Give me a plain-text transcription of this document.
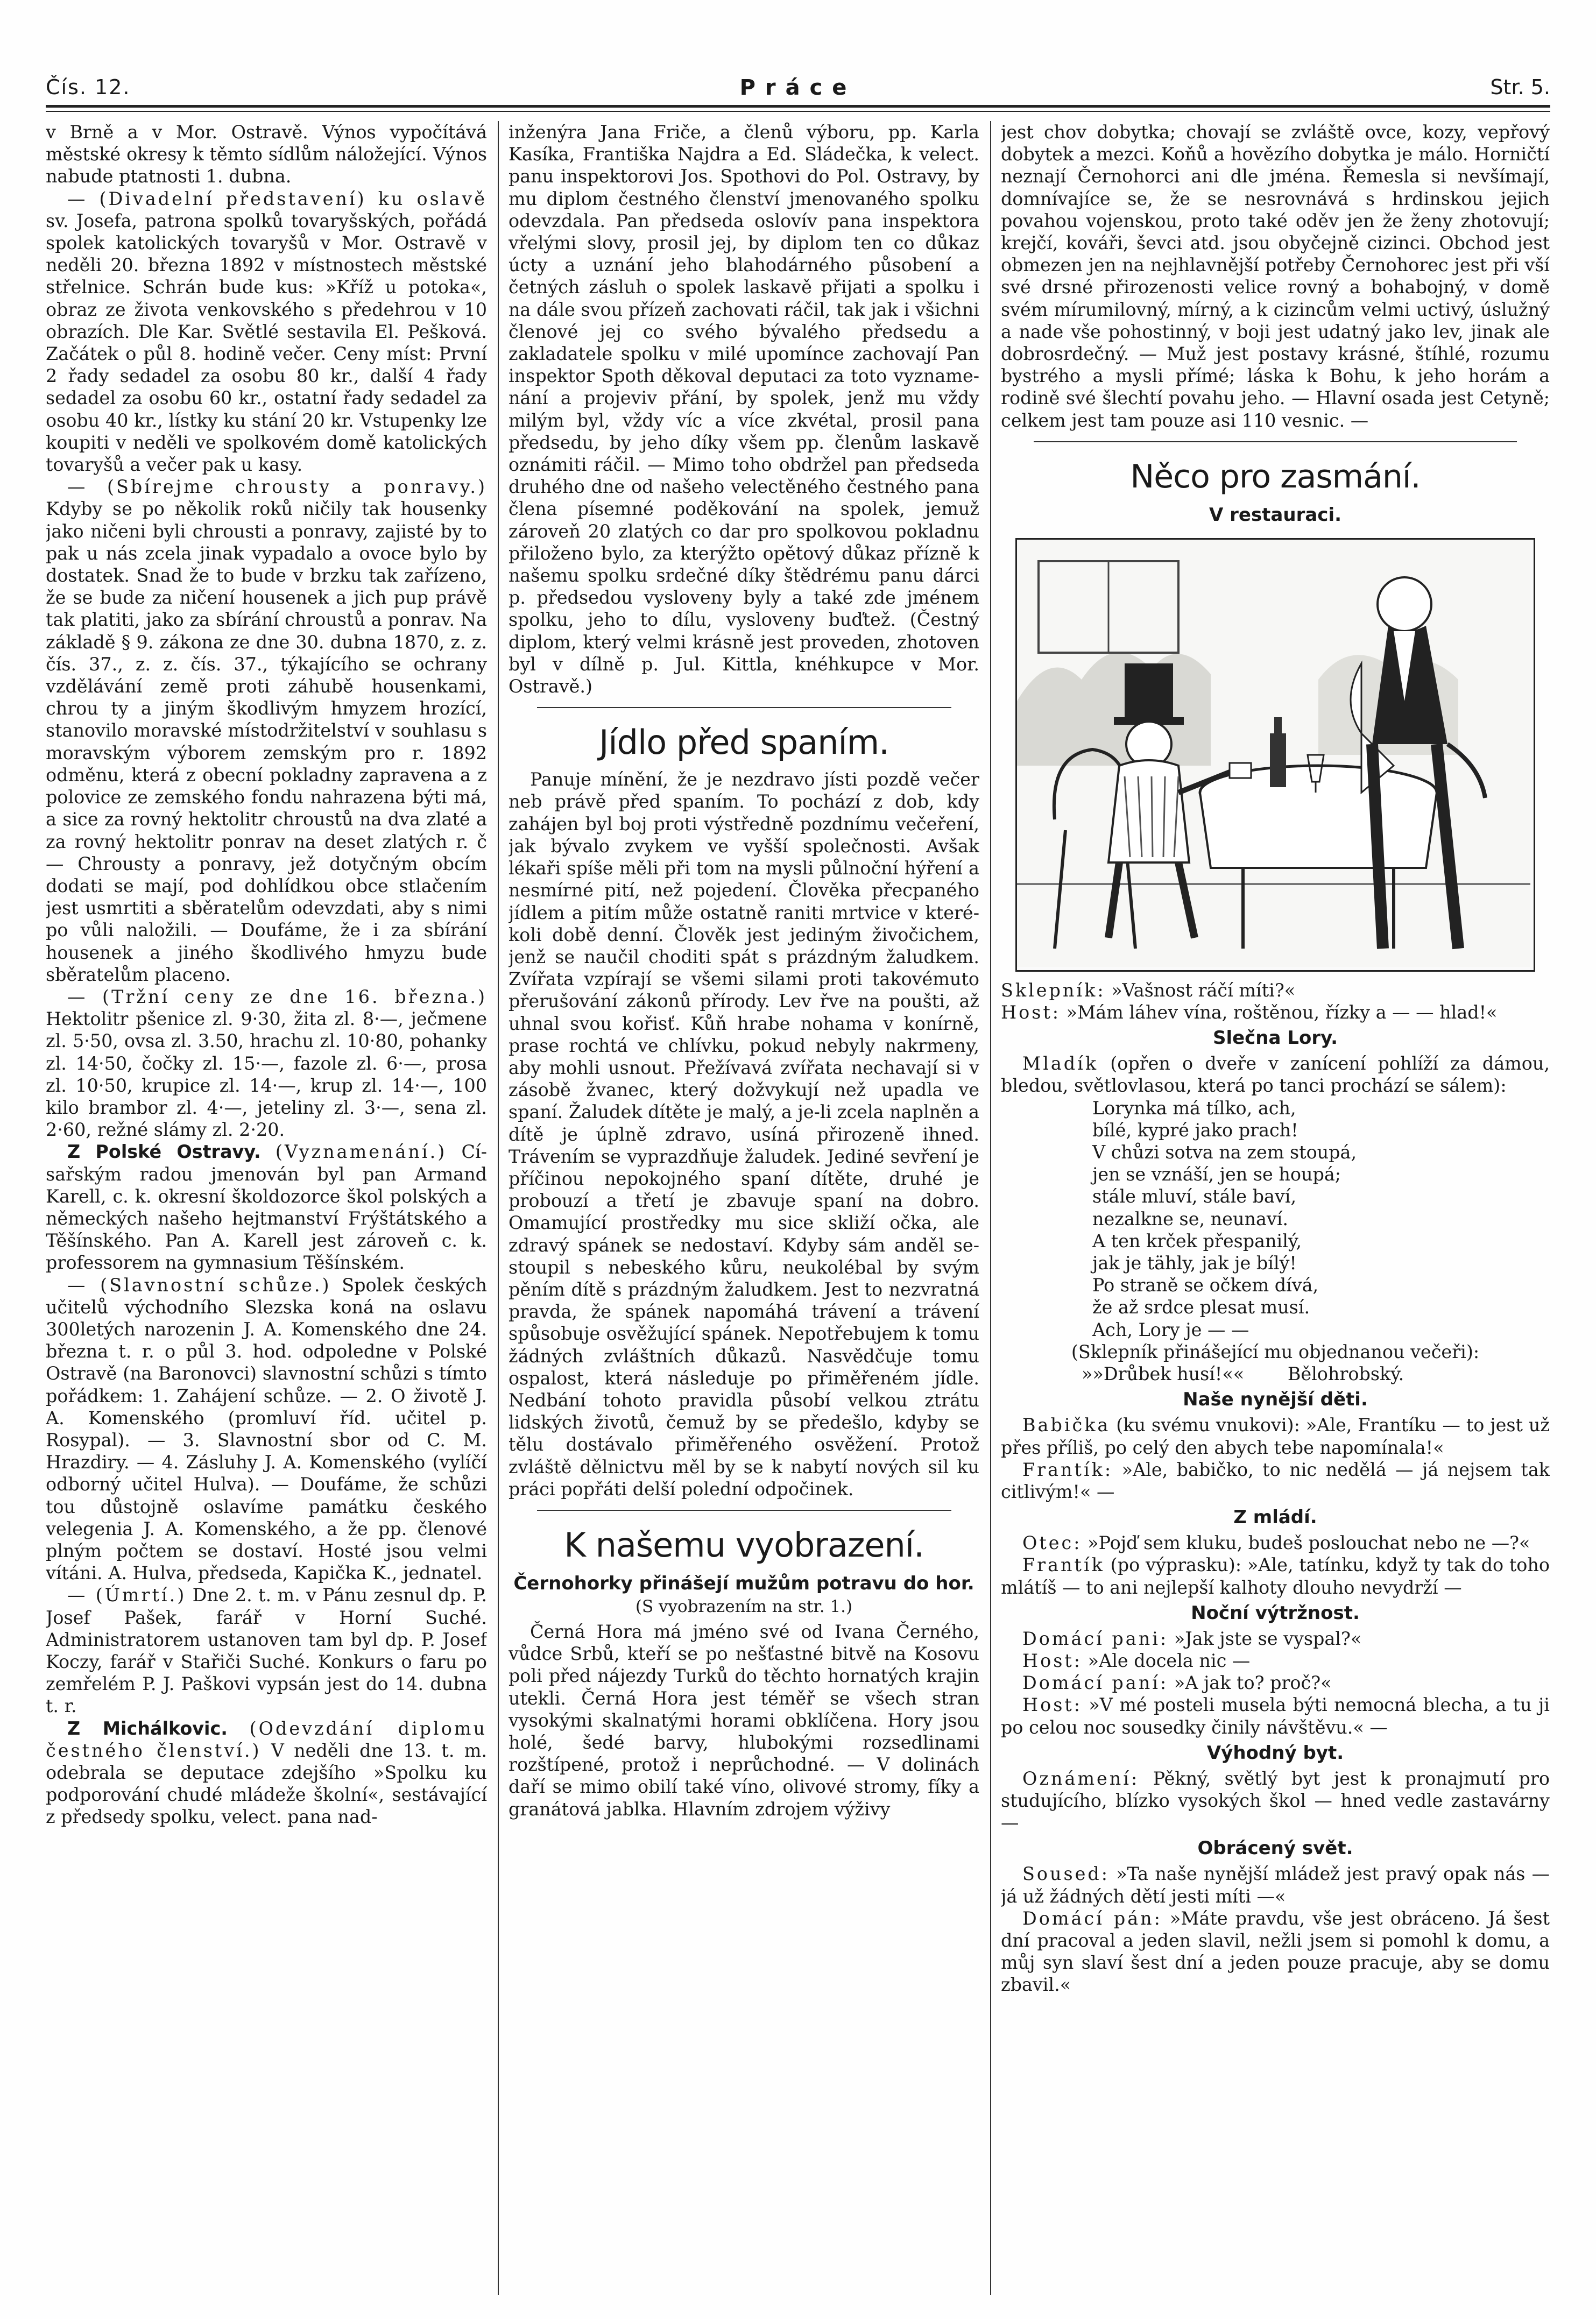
Čís. 12.	Práce	Str. 5.

v Brně a v Mor. Ostravě. Výnos vypočítává městské okresy k těmto sídlům náložející. Výnos nabude ptatnosti 1. dubna.

— (Divadelní představení) ku oslavě sv. Josefa, patrona spolků tovaryšských, pořádá spolek katolických tovaryšů v Mor. Ostravě v neděli 20. března 1892 v místnostech městské střelnice. Schrán bude kus: »Kříž u potoka«, obraz ze života venkovského s předehrou v 10 obrazích. Dle Kar. Světlé sestavila El. Pešková. Začátek o půl 8. hodině večer. Ceny míst: První 2 řady sedadel za osobu 80 kr., další 4 řady sedadel za osobu 60 kr., ostatní řady sedadel za osobu 40 kr., lístky ku stání 20 kr. Vstupenky lze koupiti v neděli ve spolkovém domě katolických tovaryšů a večer pak u kasy.

— (Sbírejme chrousty a ponravy.) Kdyby se po několik roků ničily tak housenky jako ničeni byli chrousti a ponravy, zajisté by to pak u nás zcela jinak vypadalo a ovoce bylo by dostatek. Snad že to bude v brzku tak zařízeno, že se bude za ničení housenek a jich pup právě tak platiti, jako za sbírání chroustů a ponrav. Na základě § 9. zákona ze dne 30. dubna 1870, z. z. čís. 37., z. z. čís. 37., týkajícího se ochrany vzdělávání země proti záhubě housenkami, chrou ty a jiným škodlivým hmyzem hrozící, stanovilo moravské místodržitelství v souhlasu s moravským výborem zemským pro r. 1892 odměnu, která z obecní pokladny zapravena a z polovice ze zemského fondu nahrazena býti má, a sice za rovný hektolitr chroustů na dva zlaté a za rovný hektolitr ponrav na deset zlatých r. č — Chrousty a ponravy, jež dotyčným obcím dodati se mají, pod dohlídkou obce stlačením jest usmrtiti a sběratelům odevzdati, aby s nimi po vůli naložili. — Doufáme, že i za sbírání housenek a jiného škodlivého hmyzu bude sběratelům placeno.

— (Tržní ceny ze dne 16. března.) Hektolitr pšenice zl. 9·30, žita zl. 8·—, ječmene zl. 5·50, ovsa zl. 3.50, hrachu zl. 10·80, pohanky zl. 14·50, čočky zl. 15·—, fazole zl. 6·—, prosa zl. 10·50, krupice zl. 14·—, krup zl. 14·—, 100 kilo brambor zl. 4·—, jeteliny zl. 3·—, sena zl. 2·60, režné slámy zl. 2·20.

Z Polské Ostravy. (Vyznamenání.) Císařským radou jmenován byl pan Armand Karell, c. k. okresní školdozorce škol polských a německých našeho hejtmanství Frýštátského a Těšínského. Pan A. Karell jest zároveň c. k. professorem na gymnasium Těšínském.

— (Slavnostní schůze.) Spolek českých učitelů východního Slezska koná na oslavu 300letých narozenin J. A. Komenského dne 24. března t. r. o půl 3. hod. odpoledne v Polské Ostravě (na Baronovci) slavnostní schůzi s tímto pořádkem: 1. Zahájení schůze. — 2. O životě J. A. Komenského (promluví říd. učitel p. Rosypal). — 3. Slavnostní sbor od C. M. Hrazdiry. — 4. Zásluhy J. A. Komenského (vylíčí odborný učitel Hulva). — Doufáme, že schůzi tou důstojně oslavíme památku českého velegenia J. A. Komenského, a že pp. členové plným počtem se dostaví. Hosté jsou velmi vítáni. A. Hulva, předseda, Kapička K., jednatel.

— (Úmrtí.) Dne 2. t. m. v Pánu zesnul dp. P. Josef Pašek, farář v Horní Suché. Administratorem ustanoven tam byl dp. P. Josef Koczy, farář v Stařiči Suché. Konkurs o faru po zemřelém P. J. Paškovi vypsán jest do 14. dubna t. r.

Z Michálkovic. (Odevzdání diplomu čestného členství.) V neděli dne 13. t. m. odebrala se deputace zdejšího »Spolku ku podporování chudé mládeže školní«, sestávající z předsedy spolku, velect. pana nad-

inženýra Jana Friče, a členů výboru, pp. Karla Kasíka, Františka Najdra a Ed. Sládečka, k velect. panu inspektorovi Jos. Spothovi do Pol. Ostravy, by mu diplom čestného členství jmenovaného spolku odevzdala. Pan předseda oslovív pana inspektora vřelými slovy, prosil jej, by diplom ten co důkaz úcty a uznání jeho blahodárného působení a četných zásluh o spolek laskavě přijati a spolku i na dále svou přízeň zachovati ráčil, tak jak i všichni členové jej co svého bývalého předsedu a zakladatele spolku v milé upomínce zachovají Pan inspektor Spoth děkoval deputaci za toto vyznamenání a projeviv přání, by spolek, jenž mu vždy milým byl, vždy víc a více zkvétal, prosil pana předsedu, by jeho díky všem pp. členům laskavě oznámiti ráčil. — Mimo toho obdržel pan předseda druhého dne od našeho velectěného čestného pana člena písemné poděkování na spolek, jemuž zároveň 20 zlatých co dar pro spolkovou pokladnu přiloženo bylo, za kterýžto opětový důkaz přízně k našemu spolku srdečné díky štědrému panu dárci p. předsedou vysloveny byly a také zde jménem spolku, jeho to dílu, vysloveny buďtež. (Čestný diplom, který velmi krásně jest proveden, zhotoven byl v dílně p. Jul. Kittla, knéhkupce v Mor. Ostravě.)

Jídlo před spaním.

Panuje mínění, že je nezdravo jísti pozdě večer neb právě před spaním. To pochází z dob, kdy zahájen byl boj proti výstředně pozdnímu večeření, jak bývalo zvykem ve vyšší společnosti. Avšak lékaři spíše měli při tom na mysli půlnoční hýření a nesmírné pití, než pojedení. Člověka přecpaného jídlem a pitím může ostatně raniti mrtvice v kterékoli době denní. Člověk jest jediným živočichem, jenž se naučil choditi spát s prázdným žaludkem. Zvířata vzpírají se všemi silami proti takovémuto přerušování zákonů přírody. Lev řve na poušti, až uhnal svou kořisť. Kůň hrabe nohama v konírně, prase rochtá ve chlívku, pokud nebyly nakrmeny, aby mohli usnout. Přežívavá zvířata nechavají si v zásobě žvanec, který dožvykují než upadla ve spaní. Žaludek dítěte je malý, a je-li zcela naplněn a dítě je úplně zdravo, usíná přirozeně ihned. Trávením se vyprazdňuje žaludek. Jediné sevření je příčinou nepokojného spaní dítěte, druhé je probouzí a třetí je zbavuje spaní na dobro. Omamující prostředky mu sice skliží očka, ale zdravý spánek se nedostaví. Kdyby sám anděl sestoupil s nebeského kůru, neukolébal by svým pěním dítě s prázdným žaludkem. Jest to nezvratná pravda, že spánek napomáhá trávení a trávení spůsobuje osvěžující spánek. Nepotřebujem k tomu žádných zvláštních důkazů. Nasvědčuje tomu ospalost, která následuje po přiměřeném jídle. Nedbání tohoto pravidla působí velkou ztrátu lidských životů, čemuž by se předešlo, kdyby se tělu dostávalo přiměřeného osvěžení. Protož zvláště dělnictvu měl by se k nabytí nových sil ku práci popřáti delší polední odpočinek.

K našemu vyobrazení.
Černohorky přinášejí mužům potravu do hor.
(S vyobrazením na str. 1.)

Černá Hora má jméno své od Ivana Černého, vůdce Srbů, kteří se po nešťastné bitvě na Kosovu poli před nájezdy Turků do těchto hornatých krajin utekli. Černá Hora jest téměř se všech stran vysokými skalnatými horami obklíčena. Hory jsou holé, šedé barvy, hlubokými rozsedlinami rozštípené, protož i neprůchodné. — V dolinách daří se mimo obilí také víno, olivové stromy, fíky a granátová jablka. Hlavním zdrojem výživy

jest chov dobytka; chovají se zvláště ovce, kozy, vepřový dobytek a mezci. Koňů a hovězího dobytka je málo. Horničtí neznají Černohorci ani dle jména. Řemesla si nevšímají, domnívajíce se, že se nesrovnává s hrdinskou jejich povahou vojenskou, proto také oděv jen že ženy zhotovují; krejčí, kováři, ševci atd. jsou obyčejně cizinci. Obchod jest obmezen jen na nejhlavnější potřeby Černohorec jest při vší své drsné přirozenosti velice rovný a bohabojný, v domě svém mírumilovný, mírný, a k cizincům velmi uctivý, úslužný a nade vše pohostinný, v boji jest udatný jako lev, jinak ale dobrosrdečný. — Muž jest postavy krásné, štíhlé, rozumu bystrého a mysli přímé; láska k Bohu, k jeho horám a rodině své šlechtí povahu jeho. — Hlavní osada jest Cetyně; celkem jest tam pouze asi 110 vesnic. —

Něco pro zasmání.
V restauraci.

Sklepník: »Vašnost ráčí míti?«

Host: »Mám láhev vína, roštěnou, řízky a — — hlad!«

Slečna Lory.

Mladík (opřen o dveře v zanícení pohlíží za dámou, bledou, světlovlasou, která po tanci prochází se sálem):

Lorynka má tílko, ach,

bílé, kypré jako prach!

V chůzi sotva na zem stoupá,

jen se vznáší, jen se houpá;

stále mluví, stále baví,

nezalkne se, neunaví.

A ten krček přespanilý,

jak je tähly, jak je bílý!

Po straně se očkem dívá,

že až srdce plesat musí.

Ach, Lory je — —

(Sklepník přinášející mu objednanou večeři):

»»Drůbek husí!«« Bělohrobský.

Naše nynější děti.

Babička (ku svému vnukovi): »Ale, Frantíku — to jest už přes příliš, po celý den abych tebe napomínala!«

Frantík: »Ale, babičko, to nic nedělá — já nejsem tak citlivým!« —

Z mládí.

Otec: »Pojď sem kluku, budeš poslouchat nebo ne —?«

Frantík (po výprasku): »Ale, tatínku, když ty tak do toho mlátíš — to ani nejlepší kalhoty dlouho nevydrží —

Noční výtržnost.

Domácí pani: »Jak jste se vyspal?«

Host: »Ale docela nic —

Domácí paní: »A jak to? proč?«

Host: »V mé posteli musela býti nemocná blecha, a tu ji po celou noc sousedky činily návštěvu.« —

Výhodný byt.

Oznámení: Pěkný, světlý byt jest k pronajmutí pro studujícího, blízko vysokých škol — hned vedle zastavárny —

Obrácený svět.

Soused: »Ta naše nynější mládež jest pravý opak nás — já už žádných dětí jesti míti —«

Domácí pán: »Máte pravdu, vše jest obráceno. Já šest dní pracoval a jeden slavil, nežli jsem si pomohl k domu, a můj syn slaví šest dní a jeden pouze pracuje, aby se domu zbavil.«
